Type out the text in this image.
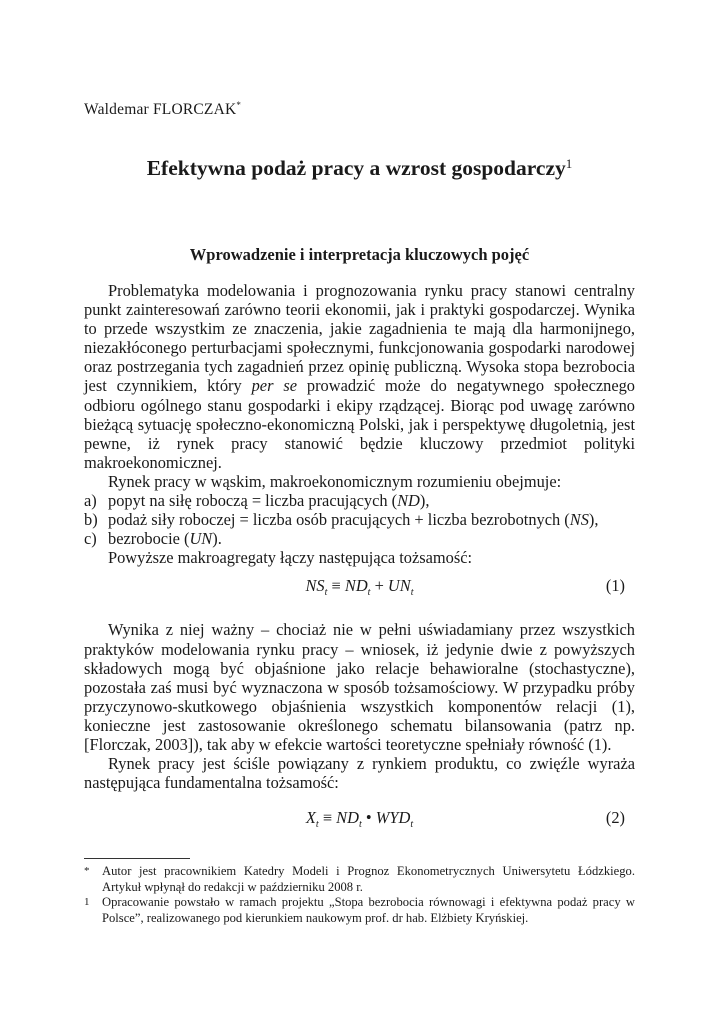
Waldemar FLORCZAK*
Efektywna podaż pracy a wzrost gospodarczy$^1$
Wprowadzenie i interpretacja kluczowych pojęć

Problematyka modelowania i prognozowania rynku pracy stanowi centralny punkt zainteresowań zarówno teorii ekonomii, jak i praktyki gospodarczej. Wynika to przede wszystkim ze znaczenia, jakie zagadnienia te mają dla harmonijnego, niezakłóconego perturbacjami społecznymi, funkcjonowania gospodarki narodowej oraz postrzegania tych zagadnień przez opinię publiczną. Wysoka stopa bezrobocia jest czynnikiem, który per se prowadzić może do negatywnego społecznego odbioru ogólnego stanu gospodarki i ekipy rządzącej. Biorąc pod uwagę zarówno bieżącą sytuację społeczno-ekonomiczną Polski, jak i perspektywę długoletnią, jest pewne, iż rynek pracy stanowić będzie kluczowy przedmiot polityki makroekonomicznej.

Rynek pracy w wąskim, makroekonomicznym rozumieniu obejmuje:

a) popyt na siłę roboczą = liczba pracujących (ND),
b) podaż siły roboczej = liczba osób pracujących + liczba bezrobotnych (NS),
c) bezrobocie (UN).

Powyższe makroagregaty łączy następująca tożsamość:

$NS_t \equiv ND_t + UN_t$	(1)

Wynika z niej ważny – chociaż nie w pełni uświadamiany przez wszystkich praktyków modelowania rynku pracy – wniosek, iż jedynie dwie z powyższych składowych mogą być objaśnione jako relacje behawioralne (stochastyczne), pozostała zaś musi być wyznaczona w sposób tożsamościowy. W przypadku próby przyczynowo-skutkowego objaśnienia wszystkich komponentów relacji (1), konieczne jest zastosowanie określonego schematu bilansowania (patrz np. [Florczak, 2003]), tak aby w efekcie wartości teoretyczne spełniały równość (1).

Rynek pracy jest ściśle powiązany z rynkiem produktu, co zwięźle wyraża następująca fundamentalna tożsamość:

$X_t \equiv ND_t$ • $WYD_t$	(2)
* Autor jest pracownikiem Katedry Modeli i Prognoz Ekonometrycznych Uniwersytetu Łódzkiego. Artykuł wpłynął do redakcji w październiku 2008 r.
1 Opracowanie powstało w ramach projektu „Stopa bezrobocia równowagi i efektywna podaż pracy w Polsce”, realizowanego pod kierunkiem naukowym prof. dr hab. Elżbiety Kryńskiej.
